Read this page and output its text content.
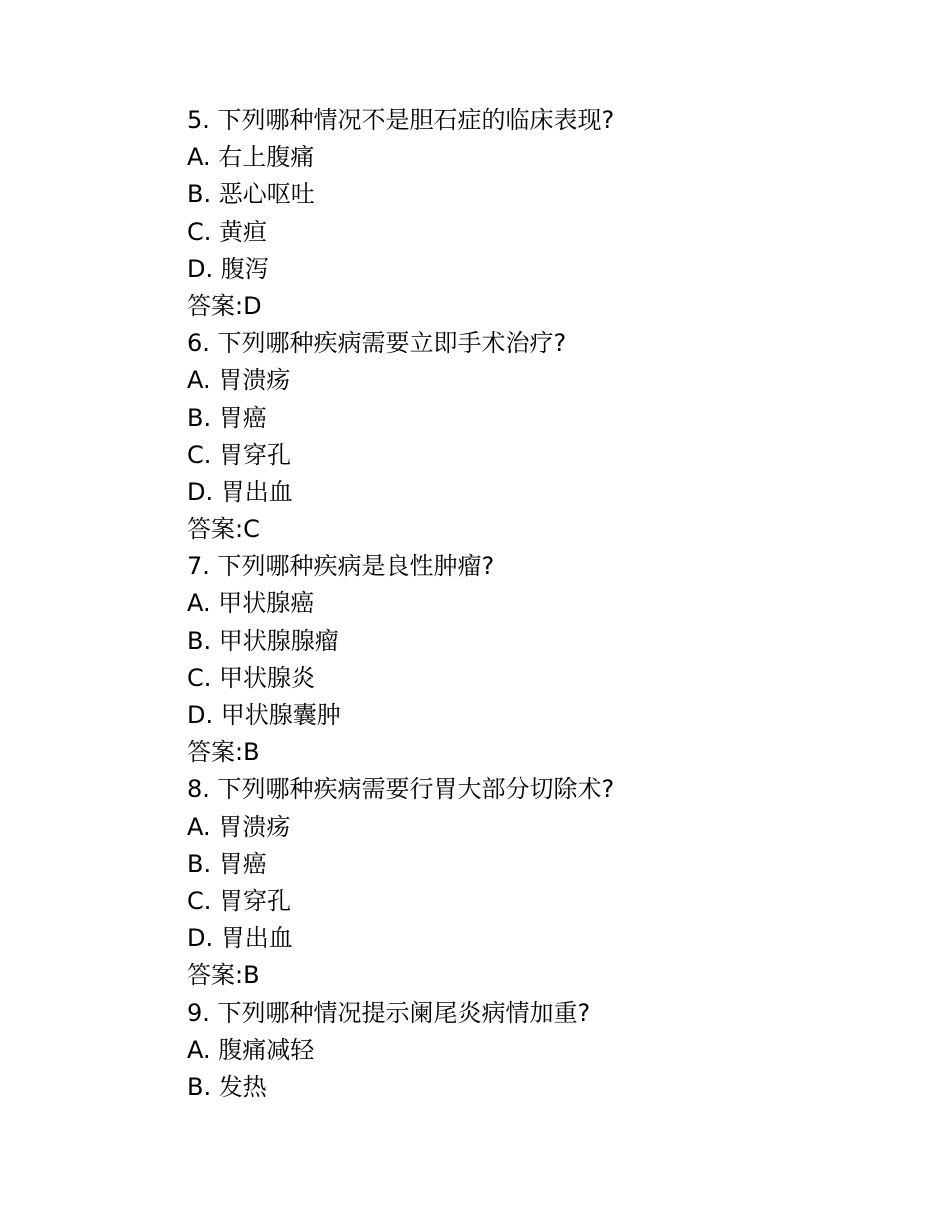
5. 下列哪种情况不是胆石症的临床表现?
A. 右上腹痛
B. 恶心呕吐
C. 黄疸
D. 腹泻
答案:D
6. 下列哪种疾病需要立即手术治疗?
A. 胃溃疡
B. 胃癌
C. 胃穿孔
D. 胃出血
答案:C
7. 下列哪种疾病是良性肿瘤?
A. 甲状腺癌
B. 甲状腺腺瘤
C. 甲状腺炎
D. 甲状腺囊肿
答案:B
8. 下列哪种疾病需要行胃大部分切除术?
A. 胃溃疡
B. 胃癌
C. 胃穿孔
D. 胃出血
答案:B
9. 下列哪种情况提示阑尾炎病情加重?
A. 腹痛减轻
B. 发热
